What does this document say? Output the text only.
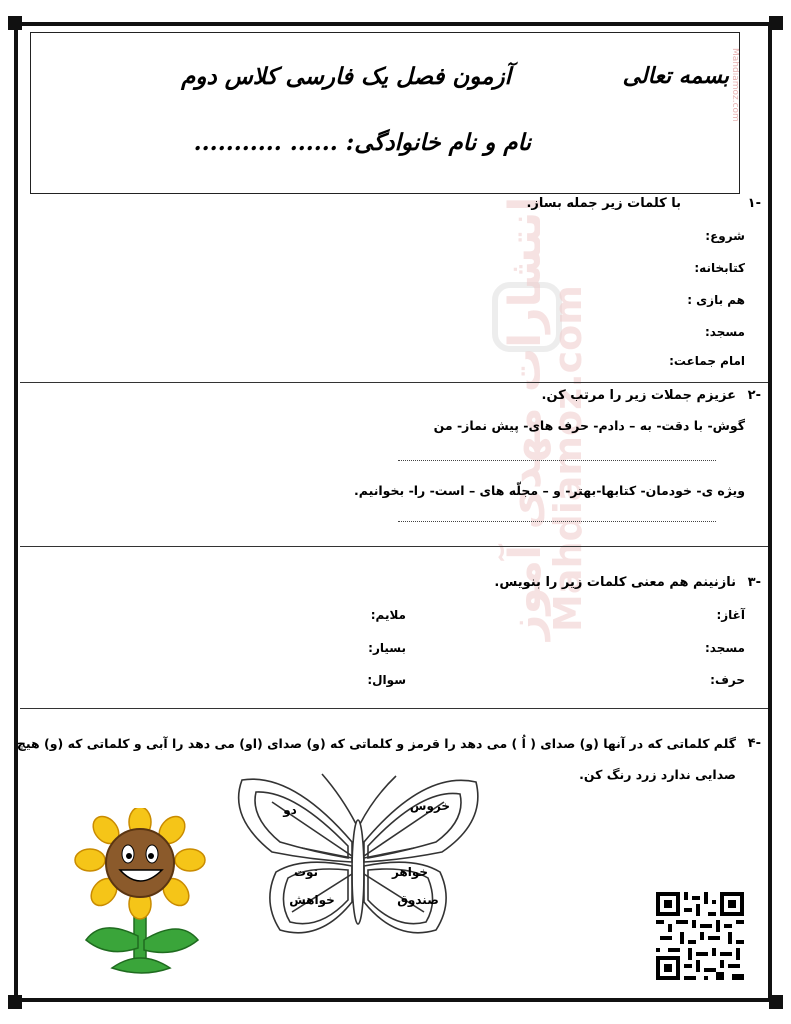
انتشارات مهدی آموز
Mahdiamoz.com
Mahdiamoz.com
بسمه تعالی
آزمون فصل یک فارسی کلاس دوم
نام و نام خانوادگی: ...... ...........
۱-
با کلمات زیر جمله بساز.
شروع:
کتابخانه:
هم بازی :
مسجد:
امام جماعت:
۲-
عزیزم جملات زیر را مرتب کن.
گوش- با دقت- به – دادم- حرف های- پیش نماز- من
ویژه ی- خودمان- کتابها-بهتر- و – مجلّه های – است- را- بخوانیم.
۳-
نازنینم هم معنی کلمات زیر را بنویس.
آغاز:
مسجد:
حرف:
ملایم:
بسیار:
سوال:
۴-
گلم کلماتی که در آنها (و) صدای ( اُ ) می دهد را قرمز و کلماتی که (و) صدای (او) می دهد را آبی و کلماتی که (و) هیچ
صدایی ندارد زرد رنگ کن.
دو	خروس
توت	خواهر
خواهش	صندوق
